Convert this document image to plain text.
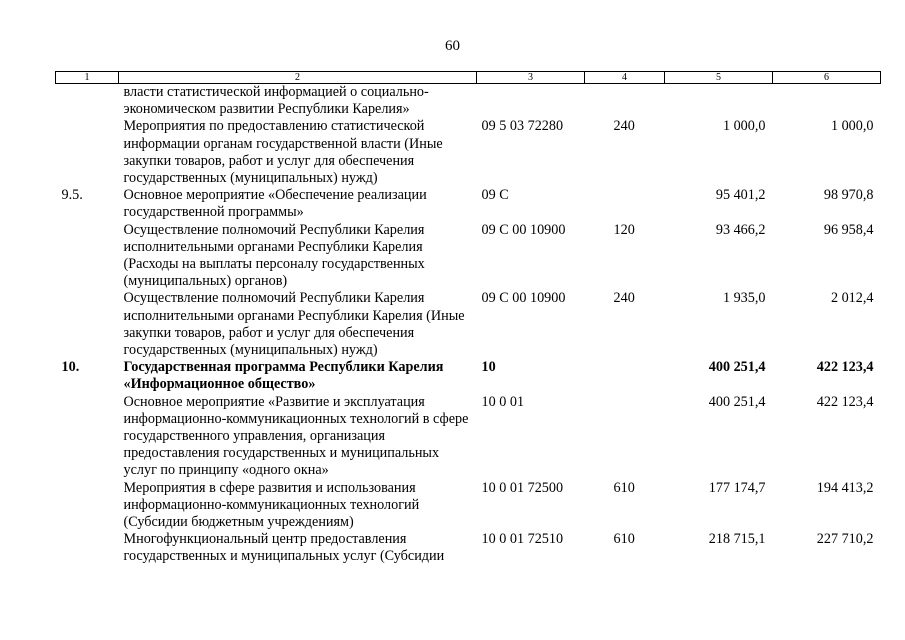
60
1	2	3	4	5	6
	власти статистической информацией о социально-экономическом развитии Республики Карелия»				
	Мероприятия по предоставлению статистической информации органам государственной власти (Иные закупки товаров, работ и услуг для обеспечения государственных (муниципальных) нужд)	09 5 03 72280	240	1 000,0	1 000,0
9.5.	Основное мероприятие «Обеспечение реализации государственной программы»	09 С		95 401,2	98 970,8
	Осуществление полномочий Республики Карелия исполнительными органами Республики Карелия (Расходы на выплаты персоналу государственных (муниципальных) органов)	09 С 00 10900	120	93 466,2	96 958,4
	Осуществление полномочий Республики Карелия исполнительными органами Республики Карелия (Иные закупки товаров, работ и услуг для обеспечения государственных (муниципальных) нужд)	09 С 00 10900	240	1 935,0	2 012,4
10.	Государственная программа Республики Карелия «Информационное общество»	10		400 251,4	422 123,4
	Основное мероприятие «Развитие и эксплуатация информационно-коммуникационных технологий в сфере государственного управления, организация предоставления государственных и муниципальных услуг по принципу «одного окна»	10 0 01		400 251,4	422 123,4
	Мероприятия в сфере развития и использования информационно-коммуникационных технологий (Субсидии бюджетным учреждениям)	10 0 01 72500	610	177 174,7	194 413,2
	Многофункциональный центр предоставления государственных и муниципальных услуг (Субсидии	10 0 01 72510	610	218 715,1	227 710,2
